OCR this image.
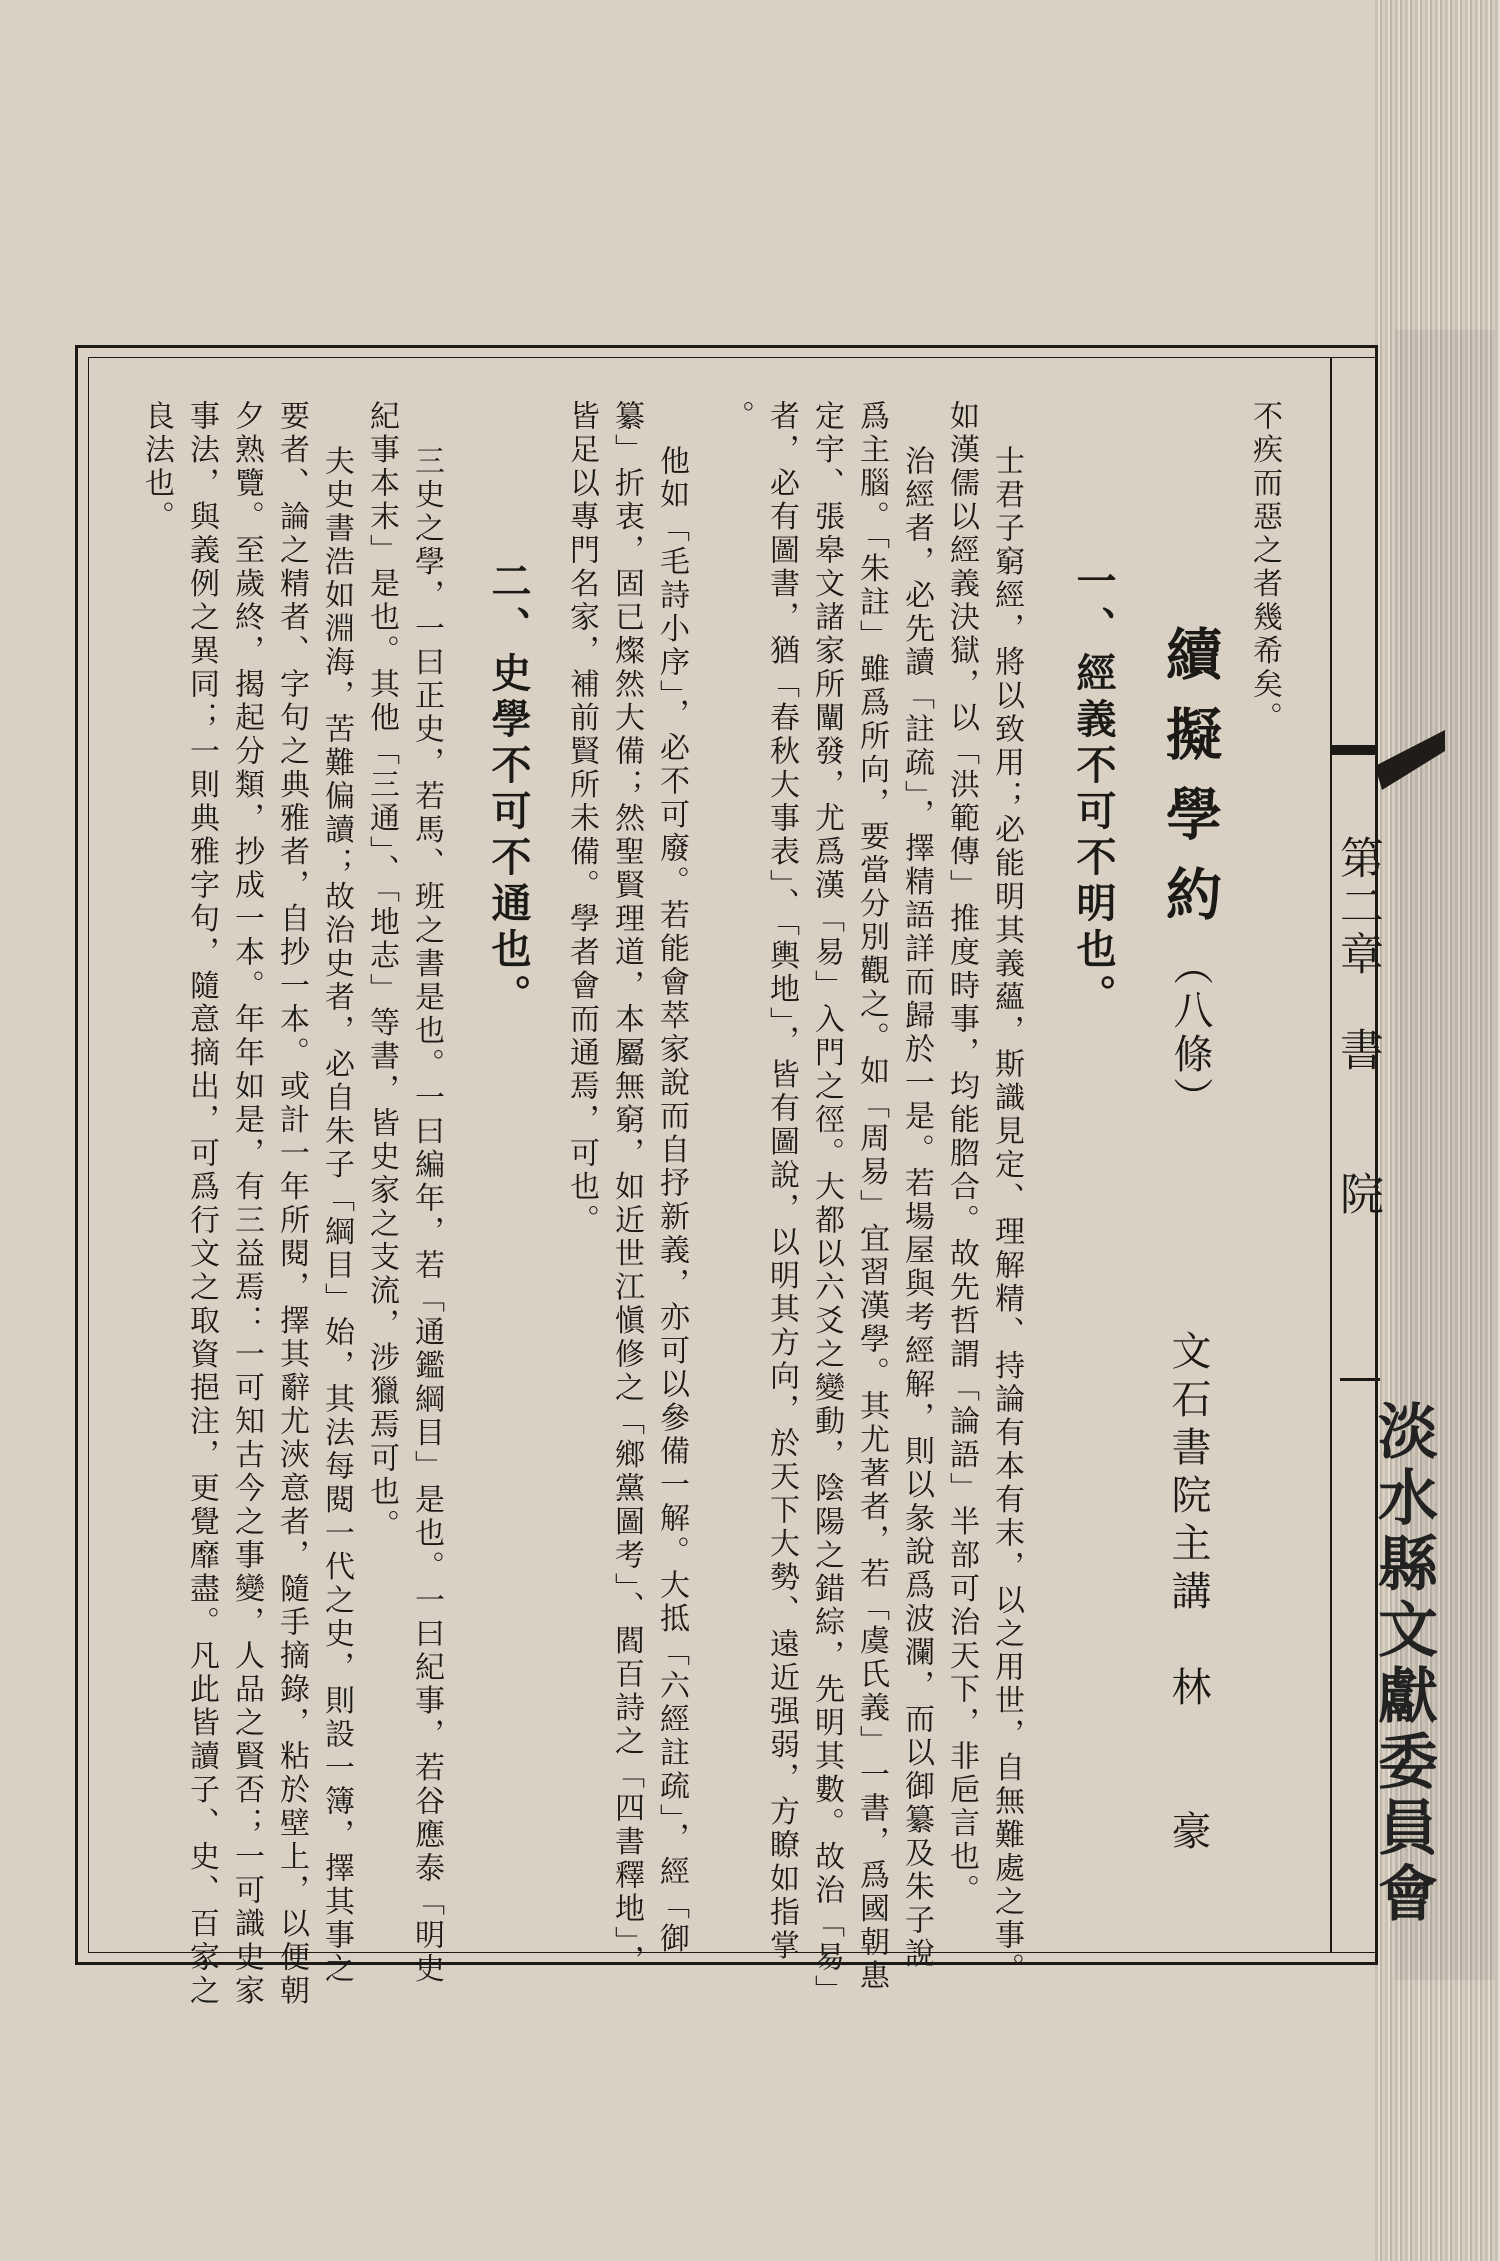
淡水縣文獻委員會
第二章　書　　院
續擬學約（八條）
文石書院主講　林　　豪
不疾而惡之者幾希矣。
一、經義不可不明也。
士君子窮經，將以致用；必能明其義蘊，斯識見定、理解精、持論有本有末，以之用世，自無難處之事。
如漢儒以經義決獄，以「洪範傳」推度時事，均能脗合。故先哲謂「論語」半部可治天下，非巵言也。
治經者，必先讀「註疏」，擇精語詳而歸於一是。若場屋與考經解，則以彖說爲波瀾，而以御纂及朱子說
爲主腦。「朱註」雖爲所向，要當分別觀之。如「周易」宜習漢學。其尤著者，若「虞氏義」一書，爲國朝惠
定宇、張皋文諸家所闡發，尤爲漢「易」入門之徑。大都以六爻之變動，陰陽之錯綜，先明其數。故治「易」
者，必有圖書，猶「春秋大事表」、「輿地」，皆有圖說，以明其方向，於天下大勢、遠近强弱，方瞭如指掌
。
他如「毛詩小序」，必不可廢。若能會萃家說而自抒新義，亦可以參備一解。大抵「六經註疏」，經「御
纂」折衷，固已燦然大備；然聖賢理道，本屬無窮，如近世江愼修之「鄉黨圖考」、閻百詩之「四書釋地」，
皆足以專門名家，補前賢所未備。學者會而通焉，可也。
二、史學不可不通也。
三史之學，一曰正史，若馬、班之書是也。一曰編年，若「通鑑綱目」是也。一曰紀事，若谷應泰「明史
紀事本末」是也。其他「三通」、「地志」等書，皆史家之支流，涉獵焉可也。
夫史書浩如淵海，苦難偏讀；故治史者，必自朱子「綱目」始，其法每閱一代之史，則設一簿，擇其事之
要者、論之精者、字句之典雅者，自抄一本。或計一年所閱，擇其辭尤浹意者，隨手摘錄，粘於壁上，以便朝
夕熟覽。至歲終，揭起分類，抄成一本。年年如是，有三益焉：一可知古今之事變，人品之賢否；一可識史家
事法，與義例之異同；一則典雅字句，隨意摘出，可爲行文之取資挹注，更覺靡盡。凡此皆讀子、史、百家之
良法也。
